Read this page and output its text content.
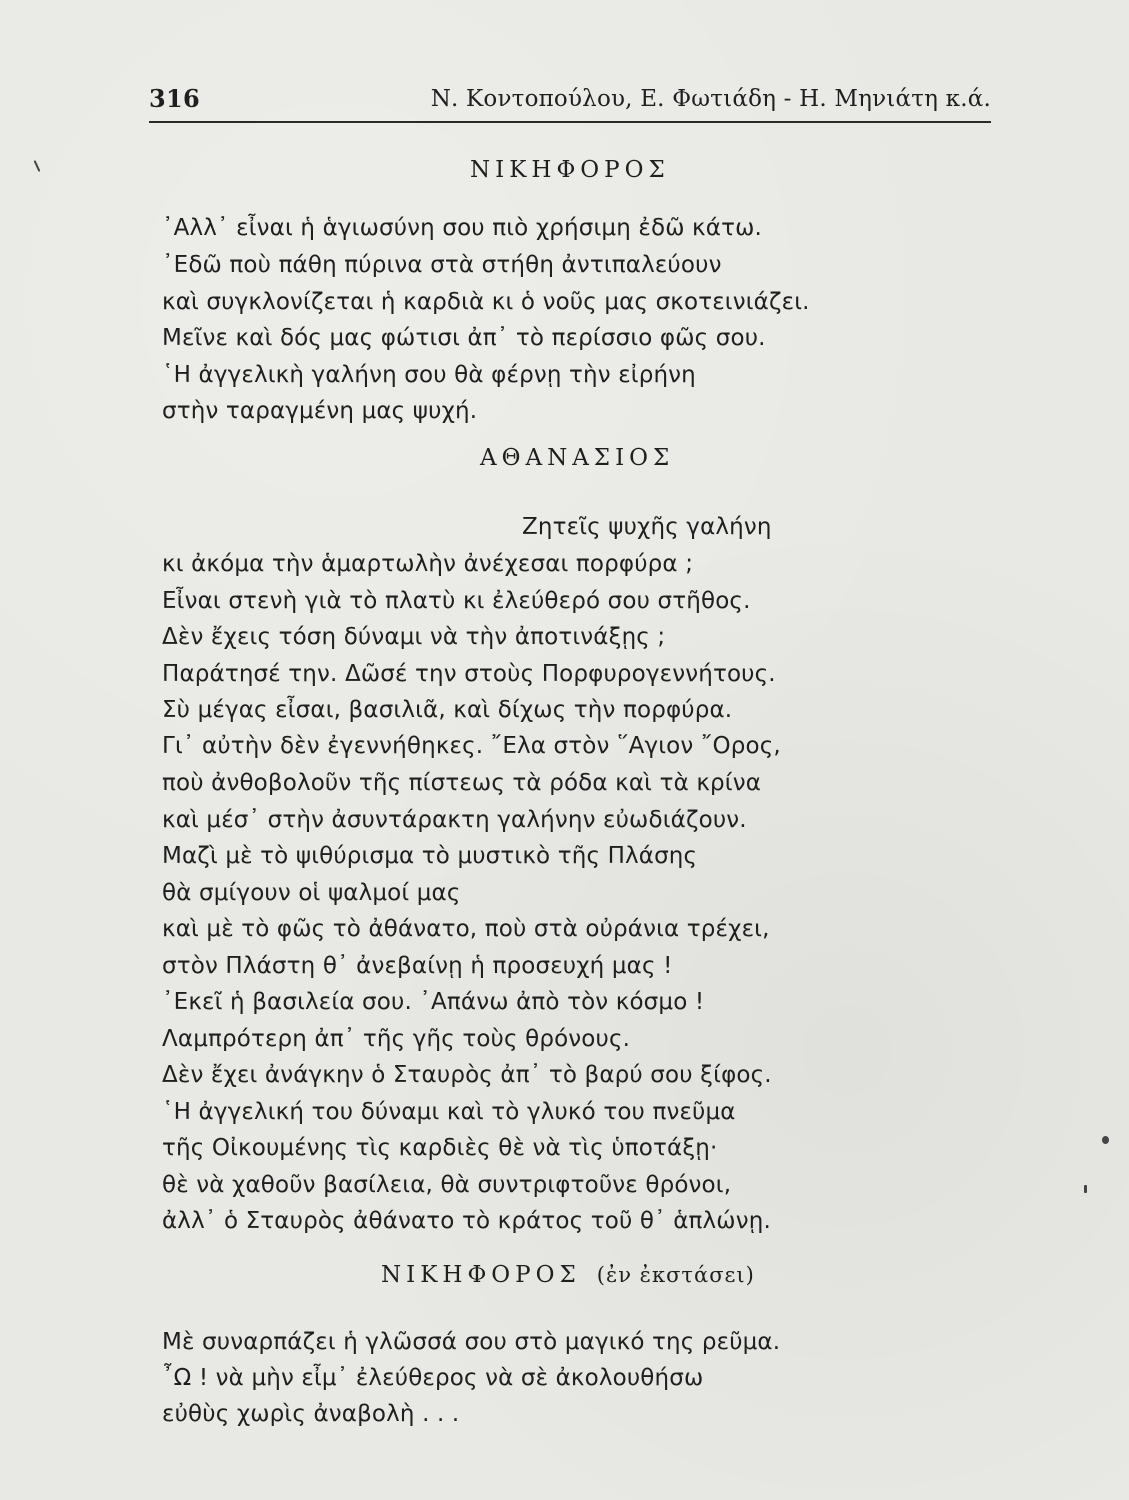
316	Ν. Κοντοπούλου, Ε. Φωτιάδη - Η. Μηνιάτη κ.ά.
ΝΙΚΗΦΟΡΟΣ
᾿Αλλ᾽ εἶναι ἡ ἁγιωσύνη σου πιὸ χρήσιμη ἐδῶ κάτω.
᾿Εδῶ ποὺ πάθη πύρινα στὰ στήθη ἀντιπαλεύουν
καὶ συγκλονίζεται ἡ καρδιὰ κι ὁ νοῦς μας σκοτεινιάζει.
Μεῖνε καὶ δός μας φώτισι ἀπ᾽ τὸ περίσσιο φῶς σου.
῾Η ἀγγελικὴ γαλήνη σου θὰ φέρνῃ τὴν εἰρήνη
στὴν ταραγμένη μας ψυχή.
ΑΘΑΝΑΣΙΟΣ
Ζητεῖς ψυχῆς γαλήνη
κι ἀκόμα τὴν ἁμαρτωλὴν ἀνέχεσαι πορφύρα ;
Εἶναι στενὴ γιὰ τὸ πλατὺ κι ἐλεύθερό σου στῆθος.
Δὲν ἔχεις τόση δύναμι νὰ τὴν ἀποτινάξῃς ;
Παράτησέ την. Δῶσέ την στοὺς Πορφυρογεννήτους.
Σὺ μέγας εἶσαι, βασιλιᾶ, καὶ δίχως τὴν πορφύρα.
Γι᾽ αὐτὴν δὲν ἐγεννήθηκες. ῎Ελα στὸν ῞Αγιον ῎Ορος,
ποὺ ἀνθοβολοῦν τῆς πίστεως τὰ ρόδα καὶ τὰ κρίνα
καὶ μέσ᾽ στὴν ἀσυντάρακτη γαλήνην εὐωδιάζουν.
Μαζὶ μὲ τὸ ψιθύρισμα τὸ μυστικὸ τῆς Πλάσης
θὰ σμίγουν οἱ ψαλμοί μας
καὶ μὲ τὸ φῶς τὸ ἀθάνατο, ποὺ στὰ οὐράνια τρέχει,
στὸν Πλάστη θ᾽ ἀνεβαίνῃ ἡ προσευχή μας !
᾿Εκεῖ ἡ βασιλεία σου. ᾿Απάνω ἀπὸ τὸν κόσμο !
Λαμπρότερη ἀπ᾽ τῆς γῆς τοὺς θρόνους.
Δὲν ἔχει ἀνάγκην ὁ Σταυρὸς ἀπ᾽ τὸ βαρύ σου ξίφος.
῾Η ἀγγελική του δύναμι καὶ τὸ γλυκό του πνεῦμα
τῆς Οἰκουμένης τὶς καρδιὲς θὲ νὰ τὶς ὑποτάξῃ·
θὲ νὰ χαθοῦν βασίλεια, θὰ συντριφτοῦνε θρόνοι,
ἀλλ᾽ ὁ Σταυρὸς ἀθάνατο τὸ κράτος τοῦ θ᾽ ἁπλώνῃ.
ΝΙΚΗΦΟΡΟΣ (ἐν ἐκστάσει)
Μὲ συναρπάζει ἡ γλῶσσά σου στὸ μαγικό της ρεῦμα.
῏Ω ! νὰ μὴν εἶμ᾽ ἐλεύθερος νὰ σὲ ἀκολουθήσω
εὐθὺς χωρὶς ἀναβολὴ . . .
